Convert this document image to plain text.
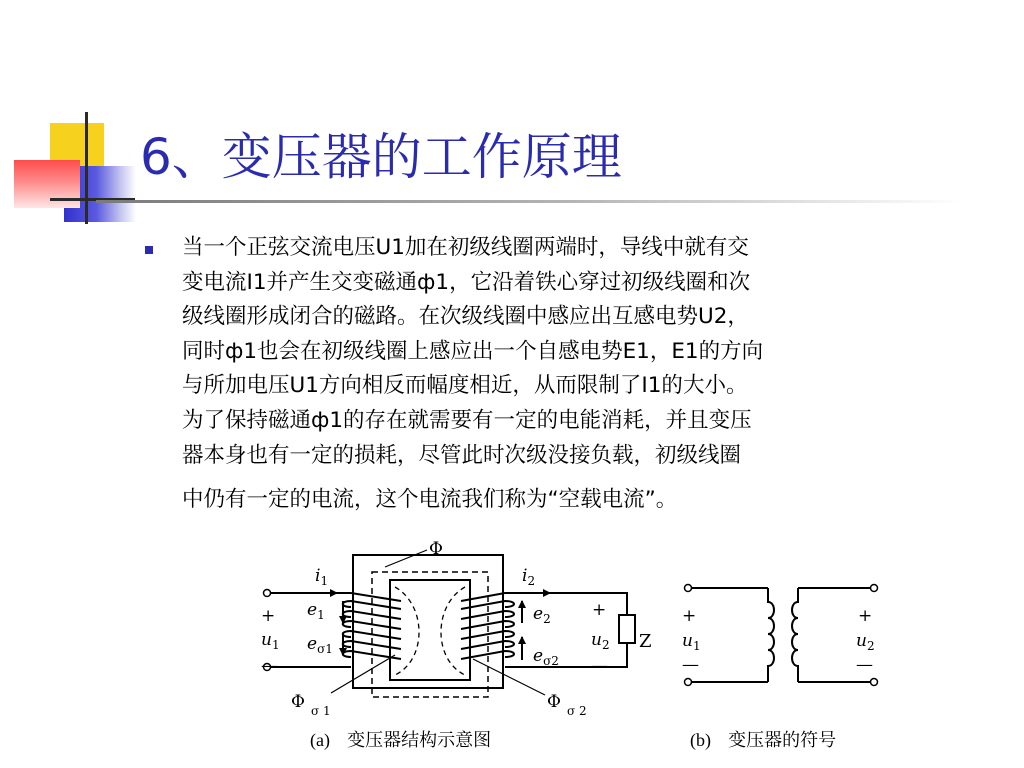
6、变压器的工作原理
当一个正弦交流电压U1加在初级线圈两端时，导线中就有交
变电流I1并产生交变磁通ф1，它沿着铁心穿过初级线圈和次
级线圈形成闭合的磁路。在次级线圈中感应出互感电势U2，
同时ф1也会在初级线圈上感应出一个自感电势E1，E1的方向
与所加电压U1方向相反而幅度相近，从而限制了I1的大小。
为了保持磁通ф1的存在就需要有一定的电能消耗，并且变压
器本身也有一定的损耗，尽管此时次级没接负载，初级线圈
中仍有一定的电流，这个电流我们称为“空载电流”。
Φ
$i_1$	$i_2$
+ $e_1$
$u_1$ $e_{\sigma 1}$
—
+
$e_2$
$u_2$
$e_{\sigma 2}$ —
Z
Φ $_{\sigma 1}$	Φ $_{\sigma 2}$
(a) 变压器结构示意图
+
$u_1$
—
+
$u_2$
—
(b) 变压器的符号
